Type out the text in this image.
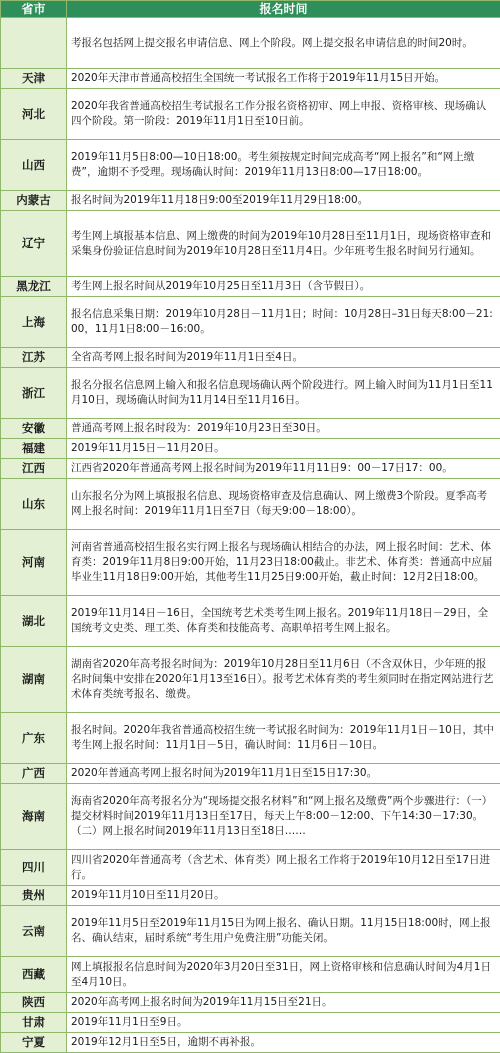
省市	报名时间
	考报名包括网上提交报名申请信息、网上个阶段。网上提交报名申请信息的时间20时。
天津	2020年天津市普通高校招生全国统一考试报名工作将于2019年11月15日开始。
河北	2020年我省普通高校招生考试报名工作分报名资格初审、网上申报、资格审核、现场确认四个阶段。第一阶段：2019年11月1日至10日前。
山西	2019年11月5日8:00—10日18:00。考生须按规定时间完成高考“网上报名”和“网上缴费”，逾期不予受理。现场确认时间：2019年11月13日8:00—17日18:00。
内蒙古	报名时间为2019年11月18日9:00至2019年11月29日18:00。
辽宁	考生网上填报基本信息、网上缴费的时间为2019年10月28日至11月1日，现场资格审查和采集身份验证信息时间为2019年10月28日至11月4日。少年班考生报名时间另行通知。
黑龙江	考生网上报名时间从2019年10月25日至11月3日（含节假日）。
上海	报名信息采集日期：2019年10月28日－11月1日；时间：10月28日–31日每天8:00－21:00，11月1日8:00－16:00。
江苏	全省高考网上报名时间为2019年11月1日至4日。
浙江	报名分报名信息网上输入和报名信息现场确认两个阶段进行。网上输入时间为11月1日至11月10日，现场确认时间为11月14日至11月16日。
安徽	普通高考网上报名时段为：2019年10月23日至30日。
福建	2019年11月15日－11月20日。
江西	江西省2020年普通高考网上报名时间为2019年11月11日9：00－17日17：00。
山东	山东报名分为网上填报报名信息、现场资格审查及信息确认、网上缴费3个阶段。夏季高考网上报名时间：2019年11月1日至7日（每天9:00－18:00）。
河南	河南省普通高校招生报名实行网上报名与现场确认相结合的办法，网上报名时间：艺术、体育类：2019年11月8日9:00开始，11月23日18:00截止。非艺术、体育类：普通高中应届毕业生11月18日9:00开始，其他考生11月25日9:00开始，截止时间：12月2日18:00。
湖北	2019年11月14日－16日，全国统考艺术类考生网上报名。2019年11月18日－29日，全国统考文史类、理工类、体育类和技能高考、高职单招考生网上报名。
湖南	湖南省2020年高考报名时间为：2019年10月28日至11月6日（不含双休日，少年班的报名时间集中安排在2020年1月13至16日）。报考艺术体育类的考生须同时在指定网站进行艺术体育类统考报名、缴费。
广东	报名时间。2020年我省普通高校招生统一考试报名时间为：2019年11月1日－10日，其中考生网上报名时间：11月1日－5日，确认时间：11月6日－10日。
广西	2020年普通高考网上报名时间为2019年11月1日至15日17:30。
海南	海南省2020年高考报名分为“现场提交报名材料”和“网上报名及缴费”两个步骤进行：（一）提交材料时间2019年11月13日至17日，每天上午8:00－12:00、下午14:30－17:30。（二）网上报名时间2019年11月13日至18日……
四川	四川省2020年普通高考（含艺术、体育类）网上报名工作将于2019年10月12日至17日进行。
贵州	2019年11月10日至11月20日。
云南	2019年11月5日至2019年11月15日为网上报名、确认日期。11月15日18:00时，网上报名、确认结束，届时系统“考生用户免费注册”功能关闭。
西藏	网上填报报名信息时间为2020年3月20日至31日，网上资格审核和信息确认时间为4月1日至4月10日。
陕西	2020年高考网上报名时间为2019年11月15日至21日。
甘肃	2019年11月1日至9日。
宁夏	2019年12月1日至5日，逾期不再补报。
